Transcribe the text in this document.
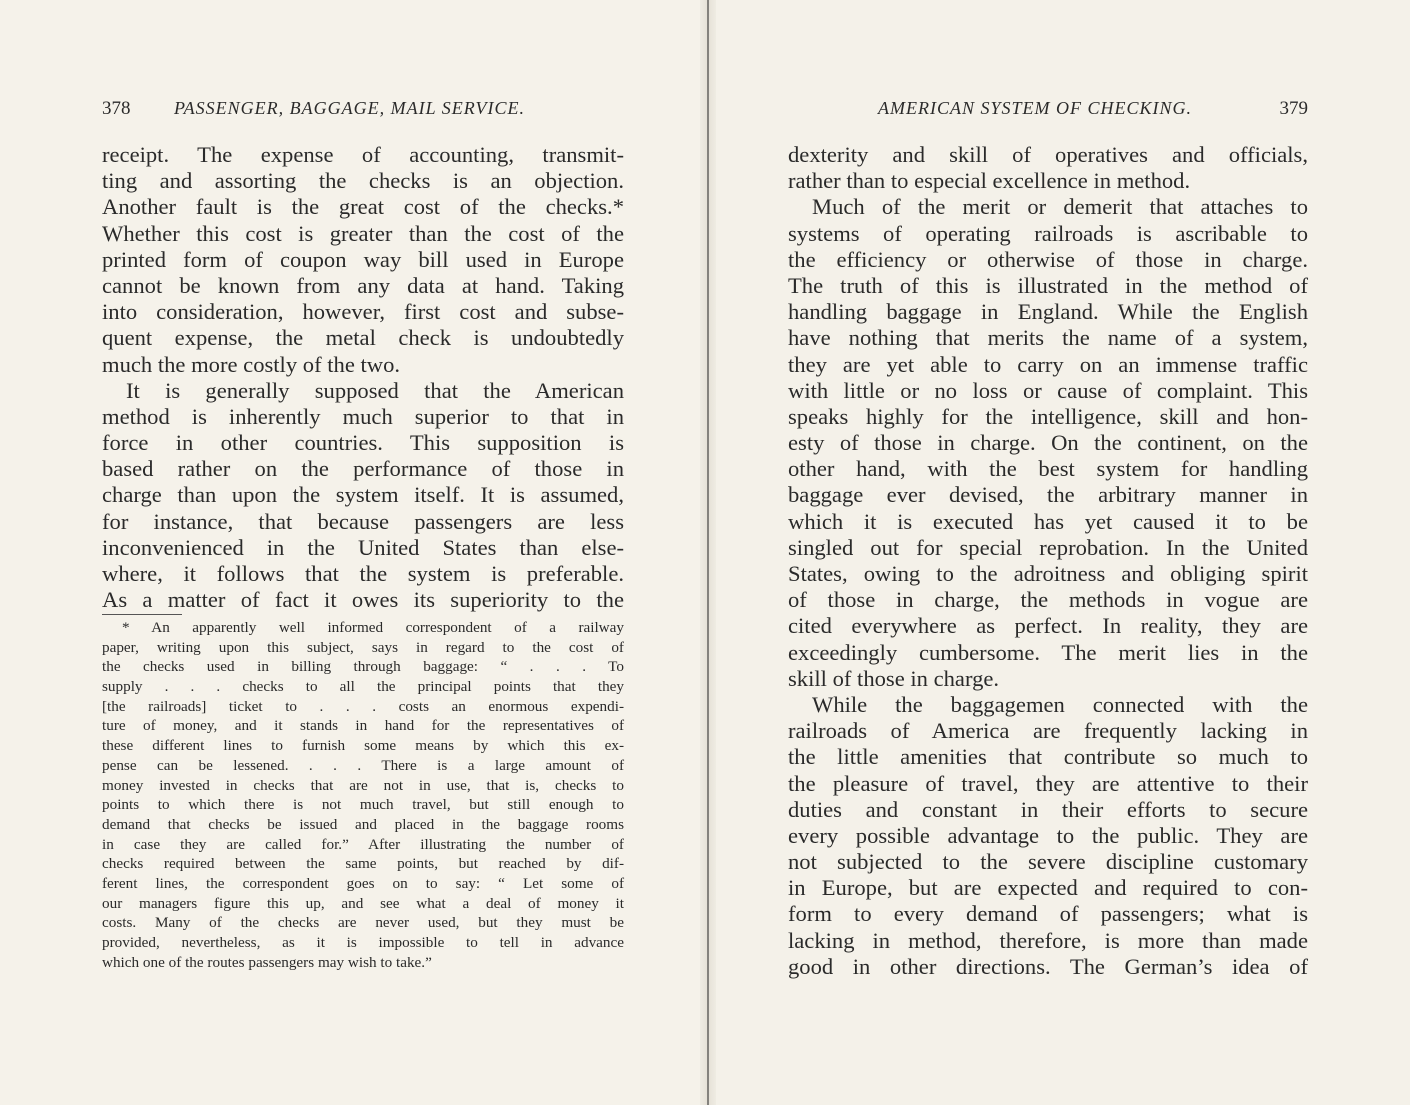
378 PASSENGER, BAGGAGE, MAIL SERVICE.
receipt. The expense of accounting, transmit-
ting and assorting the checks is an objection.
Another fault is the great cost of the checks.*
Whether this cost is greater than the cost of the
printed form of coupon way bill used in Europe
cannot be known from any data at hand. Taking
into consideration, however, first cost and subse-
quent expense, the metal check is undoubtedly
much the more costly of the two.
It is generally supposed that the American
method is inherently much superior to that in
force in other countries. This supposition is
based rather on the performance of those in
charge than upon the system itself. It is assumed,
for instance, that because passengers are less
inconvenienced in the United States than else-
where, it follows that the system is preferable.
As a matter of fact it owes its superiority to the
* An apparently well informed correspondent of a railway
paper, writing upon this subject, says in regard to the cost of
the checks used in billing through baggage: “ . . . To
supply . . . checks to all the principal points that they
[the railroads] ticket to . . . costs an enormous expendi-
ture of money, and it stands in hand for the representatives of
these different lines to furnish some means by which this ex-
pense can be lessened. . . . There is a large amount of
money invested in checks that are not in use, that is, checks to
points to which there is not much travel, but still enough to
demand that checks be issued and placed in the baggage rooms
in case they are called for.” After illustrating the number of
checks required between the same points, but reached by dif-
ferent lines, the correspondent goes on to say: “ Let some of
our managers figure this up, and see what a deal of money it
costs. Many of the checks are never used, but they must be
provided, nevertheless, as it is impossible to tell in advance
which one of the routes passengers may wish to take.”
AMERICAN SYSTEM OF CHECKING.	379
dexterity and skill of operatives and officials,
rather than to especial excellence in method.
Much of the merit or demerit that attaches to
systems of operating railroads is ascribable to
the efficiency or otherwise of those in charge.
The truth of this is illustrated in the method of
handling baggage in England. While the English
have nothing that merits the name of a system,
they are yet able to carry on an immense traffic
with little or no loss or cause of complaint. This
speaks highly for the intelligence, skill and hon-
esty of those in charge. On the continent, on the
other hand, with the best system for handling
baggage ever devised, the arbitrary manner in
which it is executed has yet caused it to be
singled out for special reprobation. In the United
States, owing to the adroitness and obliging spirit
of those in charge, the methods in vogue are
cited everywhere as perfect. In reality, they are
exceedingly cumbersome. The merit lies in the
skill of those in charge.
While the baggagemen connected with the
railroads of America are frequently lacking in
the little amenities that contribute so much to
the pleasure of travel, they are attentive to their
duties and constant in their efforts to secure
every possible advantage to the public. They are
not subjected to the severe discipline customary
in Europe, but are expected and required to con-
form to every demand of passengers; what is
lacking in method, therefore, is more than made
good in other directions. The German’s idea of
